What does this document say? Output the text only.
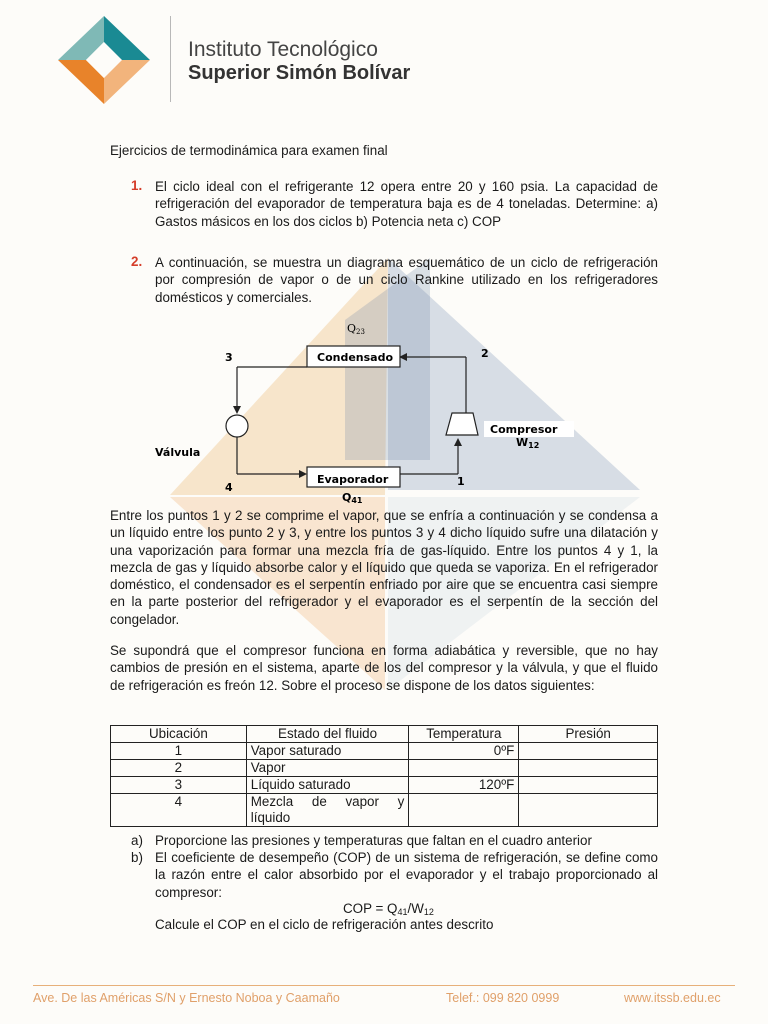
Instituto Tecnológico
Superior Simón Bolívar
Ejercicios de termodinámica para examen final
1. El ciclo ideal con el refrigerante 12 opera entre 20 y 160 psia. La capacidad de refrigeración del evaporador de temperatura baja es de 4 toneladas. Determine: a) Gastos másicos en los dos ciclos b) Potencia neta c) COP
2. A continuación, se muestra un diagrama esquemático de un ciclo de refrigeración por compresión de vapor o de un ciclo Rankine utilizado en los refrigeradores domésticos y comerciales.
Q23
Condensado
Evaporador
Compresor
W12
Válvula
Q41
1
2
3
4
Entre los puntos 1 y 2 se comprime el vapor, que se enfría a continuación y se condensa a un líquido entre los punto 2 y 3, y entre los puntos 3 y 4 dicho líquido sufre una dilatación y una vaporización para formar una mezcla fría de gas-líquido. Entre los puntos 4 y 1, la mezcla de gas y líquido absorbe calor y el líquido que queda se vaporiza. En el refrigerador doméstico, el condensador es el serpentín enfriado por aire que se encuentra casi siempre en la parte posterior del refrigerador y el evaporador es el serpentín de la sección del congelador.
Se supondrá que el compresor funciona en forma adiabática y reversible, que no hay cambios de presión en el sistema, aparte de los del compresor y la válvula, y que el fluido de refrigeración es freón 12. Sobre el proceso se dispone de los datos siguientes:
Ubicación	Estado del fluido	Temperatura	Presión
1	Vapor saturado	0ºF	
2	Vapor		
3	Líquido saturado	120ºF	
4	Mezcla de vapor y
líquido		

a) Proporcione las presiones y temperaturas que faltan en el cuadro anterior
b) El coeficiente de desempeño (COP) de un sistema de refrigeración, se define como la razón entre el calor absorbido por el evaporador y el trabajo proporcionado al compresor:
COP = $Q_{41}/W_{12}$
Calcule el COP en el ciclo de refrigeración antes descrito
Ave. De las Américas S/N y Ernesto Noboa y Caamaño	Telef.: 099 820 0999	www.itssb.edu.ec
